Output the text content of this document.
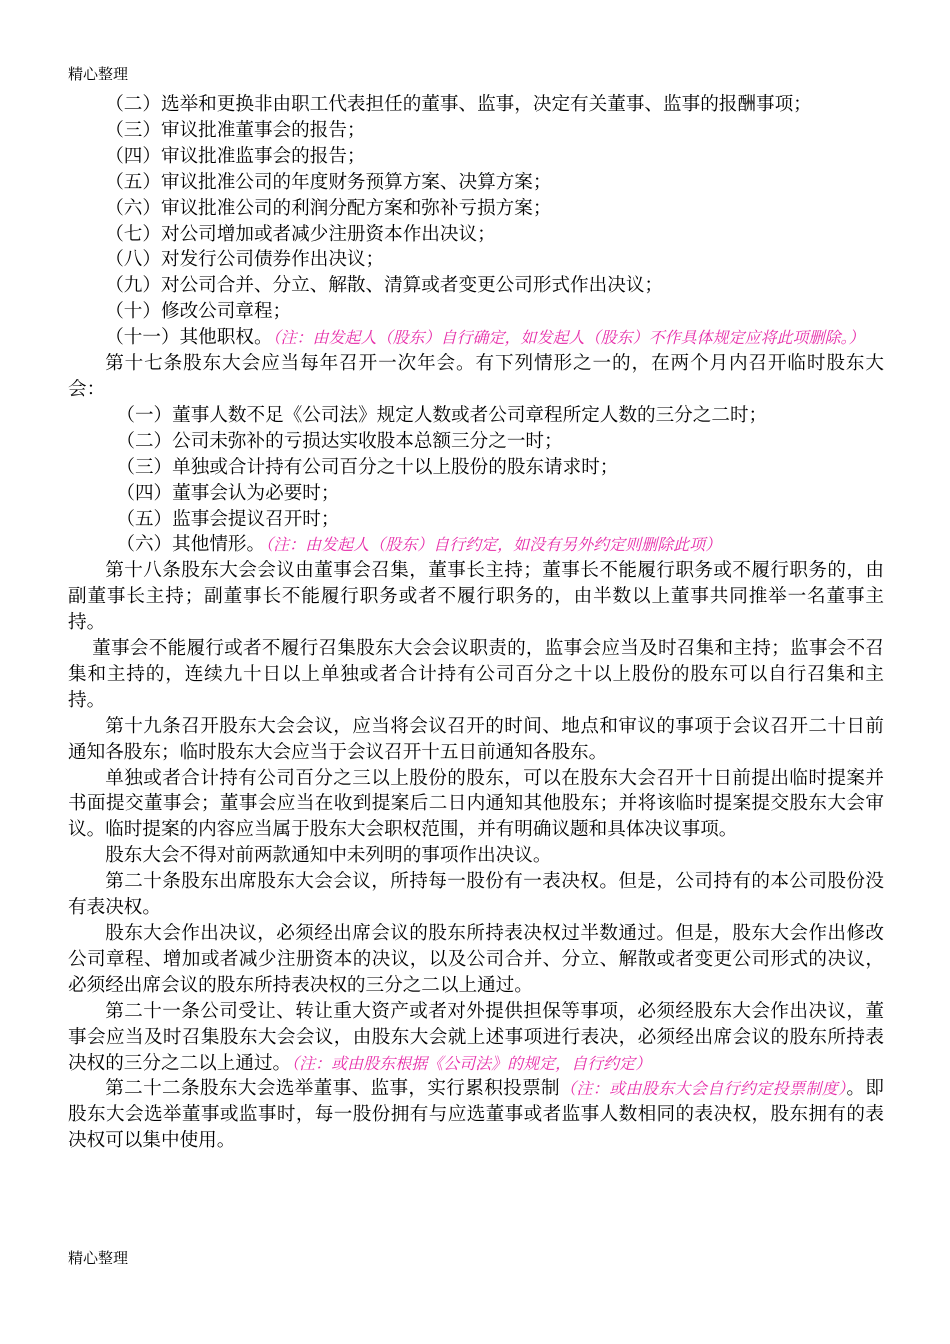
精心整理

（二）选举和更换非由职工代表担任的董事、监事，决定有关董事、监事的报酬事项；

（三）审议批准董事会的报告；

（四）审议批准监事会的报告；

（五）审议批准公司的年度财务预算方案、决算方案；

（六）审议批准公司的利润分配方案和弥补亏损方案；

（七）对公司增加或者减少注册资本作出决议；

（八）对发行公司债券作出决议；

（九）对公司合并、分立、解散、清算或者变更公司形式作出决议；

（十）修改公司章程；

（十一）其他职权。（注：由发起人（股东）自行确定，如发起人（股东）不作具体规定应将此项删除。）

第十七条股东大会应当每年召开一次年会。有下列情形之一的，在两个月内召开临时股东大会：

（一）董事人数不足《公司法》规定人数或者公司章程所定人数的三分之二时；

（二）公司未弥补的亏损达实收股本总额三分之一时；

（三）单独或合计持有公司百分之十以上股份的股东请求时；

（四）董事会认为必要时；

（五）监事会提议召开时；

（六）其他情形。（注：由发起人（股东）自行约定，如没有另外约定则删除此项）

第十八条股东大会会议由董事会召集，董事长主持；董事长不能履行职务或不履行职务的，由副董事长主持；副董事长不能履行职务或者不履行职务的，由半数以上董事共同推举一名董事主持。

董事会不能履行或者不履行召集股东大会会议职责的，监事会应当及时召集和主持；监事会不召集和主持的，连续九十日以上单独或者合计持有公司百分之十以上股份的股东可以自行召集和主持。

第十九条召开股东大会会议，应当将会议召开的时间、地点和审议的事项于会议召开二十日前通知各股东；临时股东大会应当于会议召开十五日前通知各股东。

单独或者合计持有公司百分之三以上股份的股东，可以在股东大会召开十日前提出临时提案并书面提交董事会；董事会应当在收到提案后二日内通知其他股东；并将该临时提案提交股东大会审议。临时提案的内容应当属于股东大会职权范围，并有明确议题和具体决议事项。

股东大会不得对前两款通知中未列明的事项作出决议。

第二十条股东出席股东大会会议，所持每一股份有一表决权。但是，公司持有的本公司股份没有表决权。

股东大会作出决议，必须经出席会议的股东所持表决权过半数通过。但是，股东大会作出修改公司章程、增加或者减少注册资本的决议，以及公司合并、分立、解散或者变更公司形式的决议，必须经出席会议的股东所持表决权的三分之二以上通过。

第二十一条公司受让、转让重大资产或者对外提供担保等事项，必须经股东大会作出决议，董事会应当及时召集股东大会会议，由股东大会就上述事项进行表决，必须经出席会议的股东所持表决权的三分之二以上通过。（注：或由股东根据《公司法》的规定，自行约定）

第二十二条股东大会选举董事、监事，实行累积投票制（注：或由股东大会自行约定投票制度）。即股东大会选举董事或监事时，每一股份拥有与应选董事或者监事人数相同的表决权，股东拥有的表决权可以集中使用。

精心整理
